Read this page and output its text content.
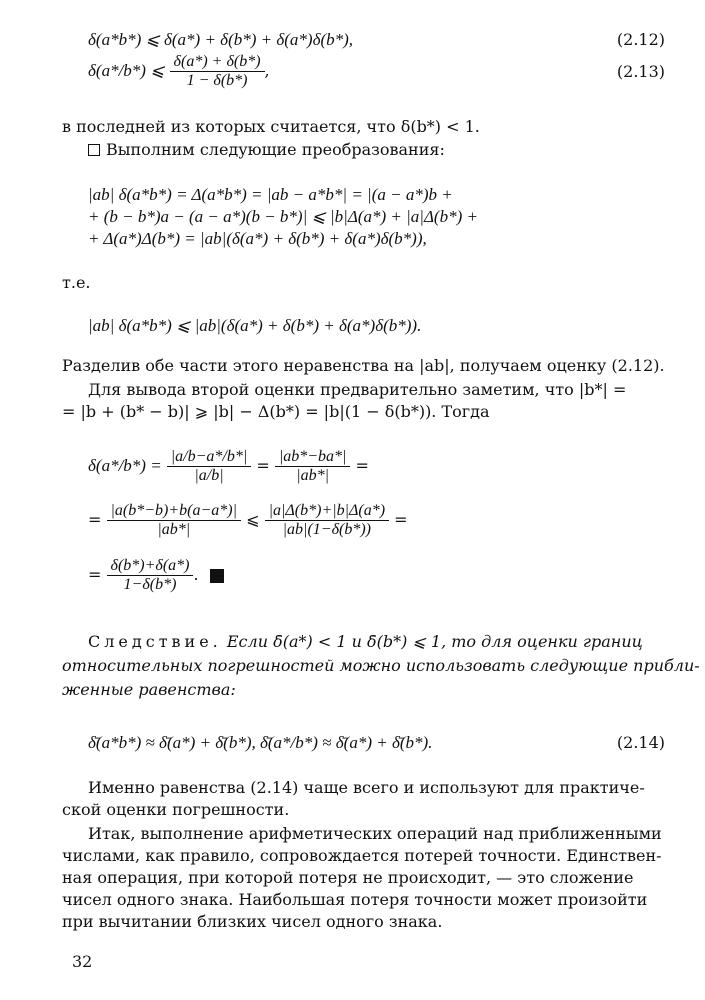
δ(a*b*) ⩽ δ(a*) + δ(b*) + δ(a*)δ(b*),	(2.12)
δ(a*/b*) ⩽ $\frac{\delta(a*) + \delta(b*)}{1 - \delta(b*)}$ ,	(2.13)
в последней из которых считается, что δ(b*) < 1.
Выполним следующие преобразования:
|ab| δ(a*b*) = Δ(a*b*) = |ab − a*b*| = |(a − a*)b +
+ (b − b*)a − (a − a*)(b − b*)| ⩽ |b|Δ(a*) + |a|Δ(b*) +
+ Δ(a*)Δ(b*) = |ab|(δ(a*) + δ(b*) + δ(a*)δ(b*)),
т.е.
|ab| δ(a*b*) ⩽ |ab|(δ(a*) + δ(b*) + δ(a*)δ(b*)).
Разделив обе части этого неравенства на |ab|, получаем оценку (2.12).
Для вывода второй оценки предварительно заметим, что |b*| =
= |b + (b* − b)| ⩾ |b| − Δ(b*) = |b|(1 − δ(b*)). Тогда
$\delta(a*/b*) = \frac{|a/b-a*/b*|}{|a/b|} = \frac{|ab*-ba*|}{|ab*|}$ =
= $\frac{|a(b*-b)+b(a-a*)|}{|ab*|}$ ⩽ $\frac{|a|\Delta(b*)+|b|\Delta(a*)}{|ab|(1-\delta(b*))}$ =
= $\frac{\delta(b*)+\delta(a*)}{1-\delta(b*)}$ .
Следствие. Если δ̄(a*) < 1 и δ̄(b*) ⩽ 1, то для оценки границ
относительных погрешностей можно использовать следующие прибли-
женные равенства:
δ̄(a*b*) ≈ δ̄(a*) + δ̄(b*), δ̄(a*/b*) ≈ δ̄(a*) + δ̄(b*).	(2.14)
Именно равенства (2.14) чаще всего и используют для практиче-
ской оценки погрешности.
Итак, выполнение арифметических операций над приближенными
числами, как правило, сопровождается потерей точности. Единствен-
ная операция, при которой потеря не происходит, — это сложение
чисел одного знака. Наибольшая потеря точности может произойти
при вычитании близких чисел одного знака.
32
